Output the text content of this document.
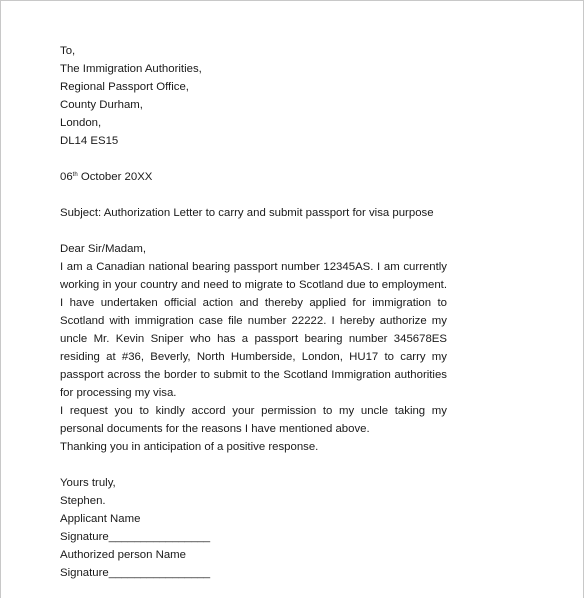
To,
The Immigration Authorities,
Regional Passport Office,
County Durham,
London,
DL14 ES15
06th October 20XX
Subject: Authorization Letter to carry and submit passport for visa purpose
Dear Sir/Madam,
I am a Canadian national bearing passport number 12345AS. I am currently working in your country and need to migrate to Scotland due to employment. I have undertaken official action and thereby applied for immigration to Scotland with immigration case file number 22222. I hereby authorize my uncle Mr. Kevin Sniper who has a passport bearing number 345678ES residing at #36, Beverly, North Humberside, London, HU17 to carry my passport across the border to submit to the Scotland Immigration authorities for processing my visa.
I request you to kindly accord your permission to my uncle taking my personal documents for the reasons I have mentioned above.
Thanking you in anticipation of a positive response.
Yours truly,
Stephen.
Applicant Name
Signature________________
Authorized person Name
Signature________________
